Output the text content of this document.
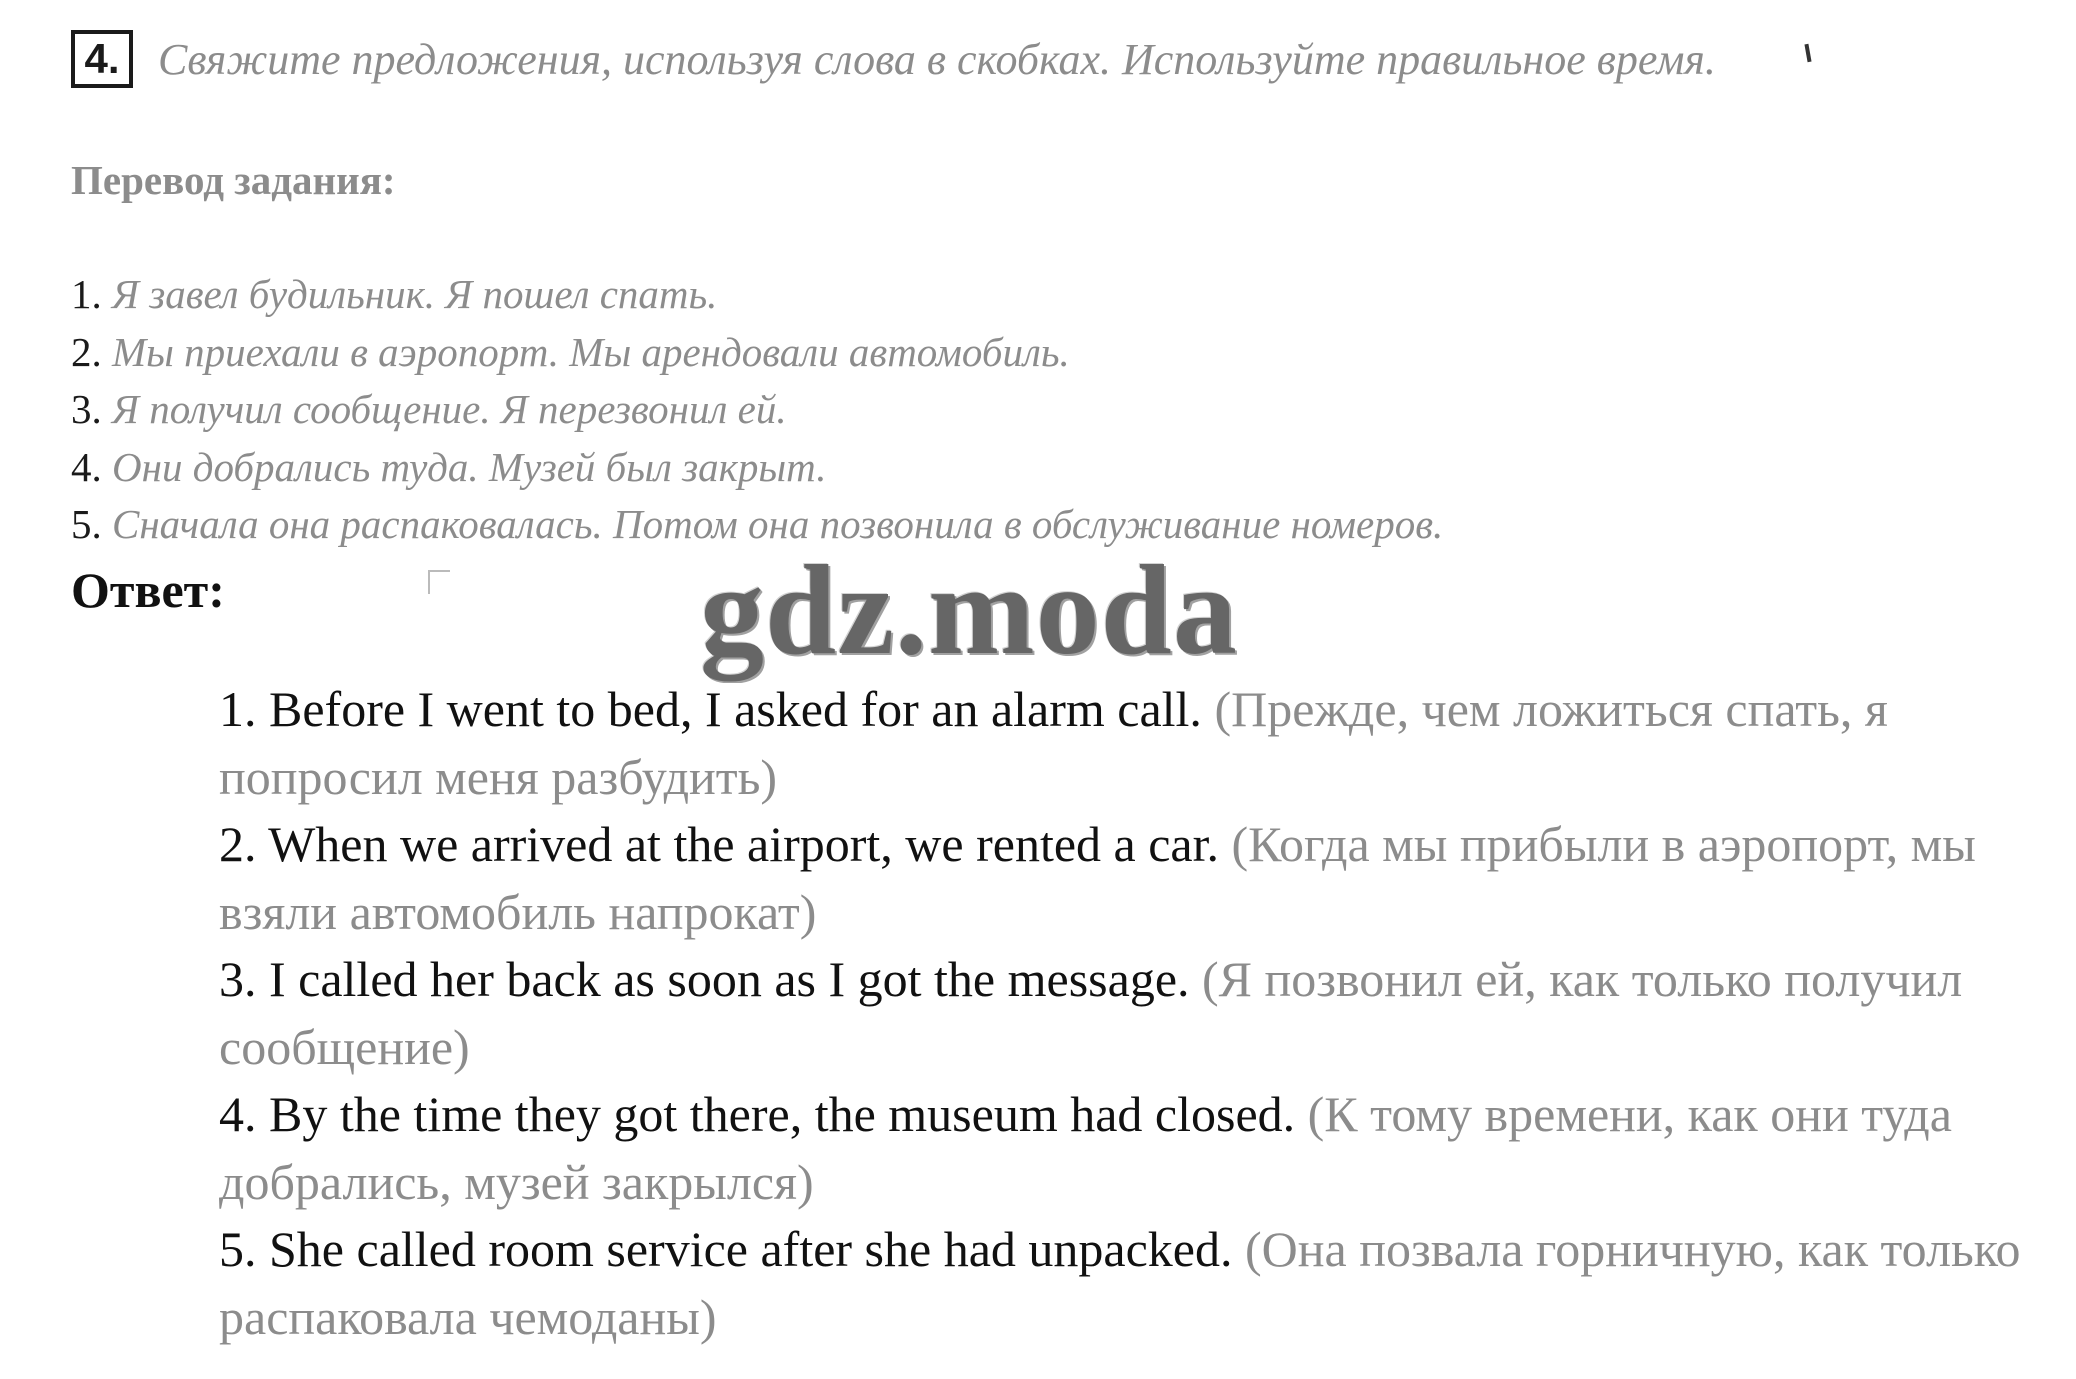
4. Свяжите предложения, используя слова в скобках. Используйте правильное время.
Перевод задания:
1. Я завел будильник. Я пошел спать.
2. Мы приехали в аэропорт. Мы арендовали автомобиль.
3. Я получил сообщение. Я перезвонил ей.
4. Они добрались туда. Музей был закрыт.
5. Сначала она распаковалась. Потом она позвонила в обслуживание номеров.
Ответ:	gdz.moda
1. Before I went to bed, I asked for an alarm call. (Прежде, чем ложиться спать, я попросил меня разбудить)
2. When we arrived at the airport, we rented a car. (Когда мы прибыли в аэропорт, мы взяли автомобиль напрокат)
3. I called her back as soon as I got the message. (Я позвонил ей, как только получил сообщение)
4. By the time they got there, the museum had closed. (К тому времени, как они туда добрались, музей закрылся)
5. She called room service after she had unpacked. (Она позвала горничную, как только распаковала чемоданы)
